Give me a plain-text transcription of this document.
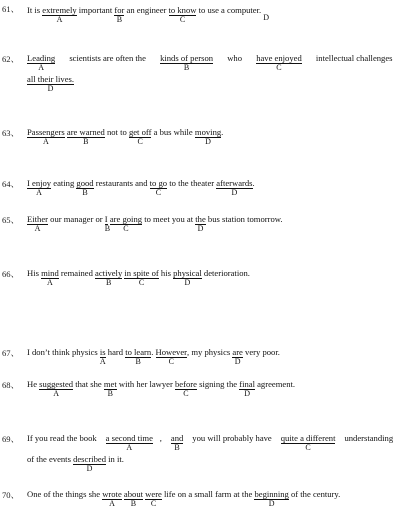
61、 It is extremely
A
important for
B
an engineer to know
C
to use a computer.
D
62、 Leading
A
scientists are often the kinds of person
B
who have enjoyed
C
intellectual challenges
all their lives.
D
63、 Passengers
A
are warned
B
not to get off
C
a bus while moving
D
.
64、 I enjoy
A
eating good
B
restaurants and to go
C
to the theater afterwards
D
.
65、 Either
A
our manager or I
B
are going
C
to meet you at the
D
bus station tomorrow.
66、 His mind
A
remained actively
B
in spite of
C
his physical
D
deterioration.
67、 I don’t think physics is
A
hard to learn
B
. However
C
, my physics are
D
very poor.
68、 He suggested
A
that she met
B
with her lawyer before
C
signing the final
D
agreement.
69、 If you read the book a second time
A
, and
B
you will probably have quite a different
C
understanding
of the events described
D
in it.
70、 One of the things she wrote
A
about
B
were
C
life on a small farm at the beginning
D
of the century.
